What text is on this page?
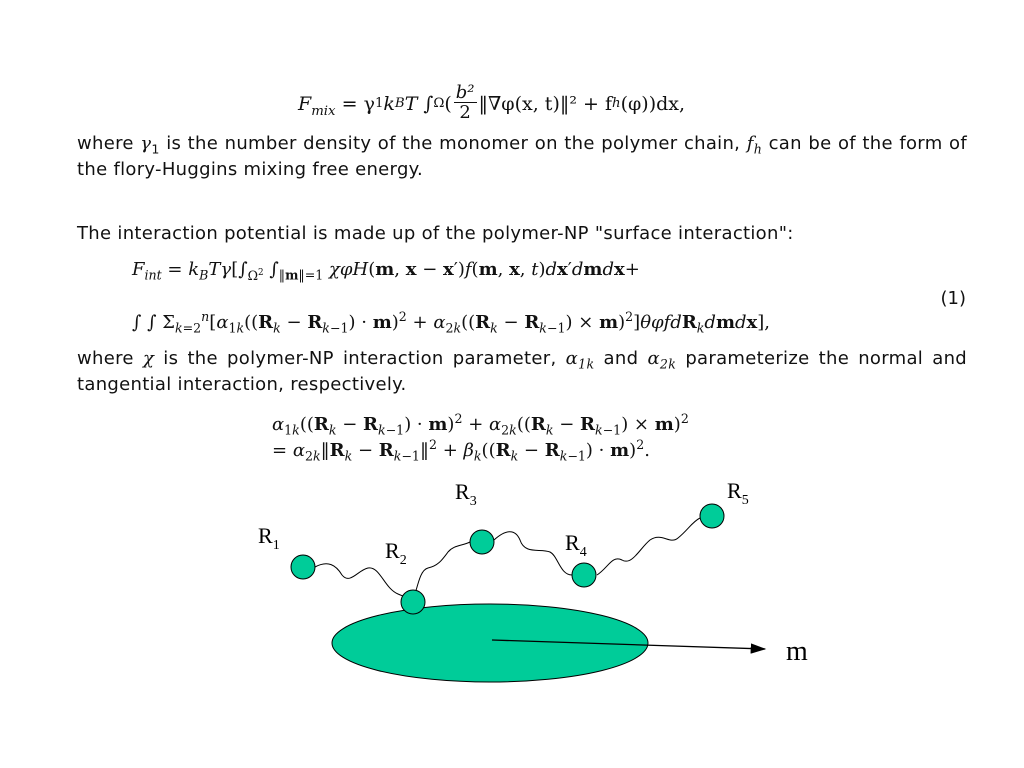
$F_{mix}$
= γ 1 k B T ∫ Ω ( $\frac{\text{b²}}{2}$ ‖∇φ(x, t)‖² + f h (φ))dx,
where $\gamma_1$ is the number density of the monomer on the polymer chain, $f_h$ can be of the form of the flory-Huggins mixing free energy.
The interaction potential is made up of the polymer-NP "surface interaction":
$F_{int} = k_BT\gamma[\int_{\Omega^2}$ $\int_{‖m‖=1}$ χφH(m, x − x′)f(m, x, t)dx′dmdx+
∫ ∫ $\Sigma_{k=2}^n[\alpha_{1k}((R_k - R_{k-1}) \cdot m)^2 + \alpha_{2k}((R_k - R_{k-1})$ × $m)^2]\theta\varphi fdR_kdmdx$],
(1)
where χ is the polymer-NP interaction parameter, $\alpha_{1k}$ and $\alpha_{2k}$ parameterize the normal and tangential interaction, respectively.
$\alpha_{1k}((R_k - R_{k-1}) \cdot m)^2 + \alpha_{2k}((R_k - R_{k-1}) \times m)^2$
= $\alpha_{2k}‖R_k$ − $R_{k-1}‖^2 + \beta_k((R_k - R_{k-1}) \cdot m)^2$.
$R_1$	$R_2$
$R_3$
$R_4$
$R_5$
m
